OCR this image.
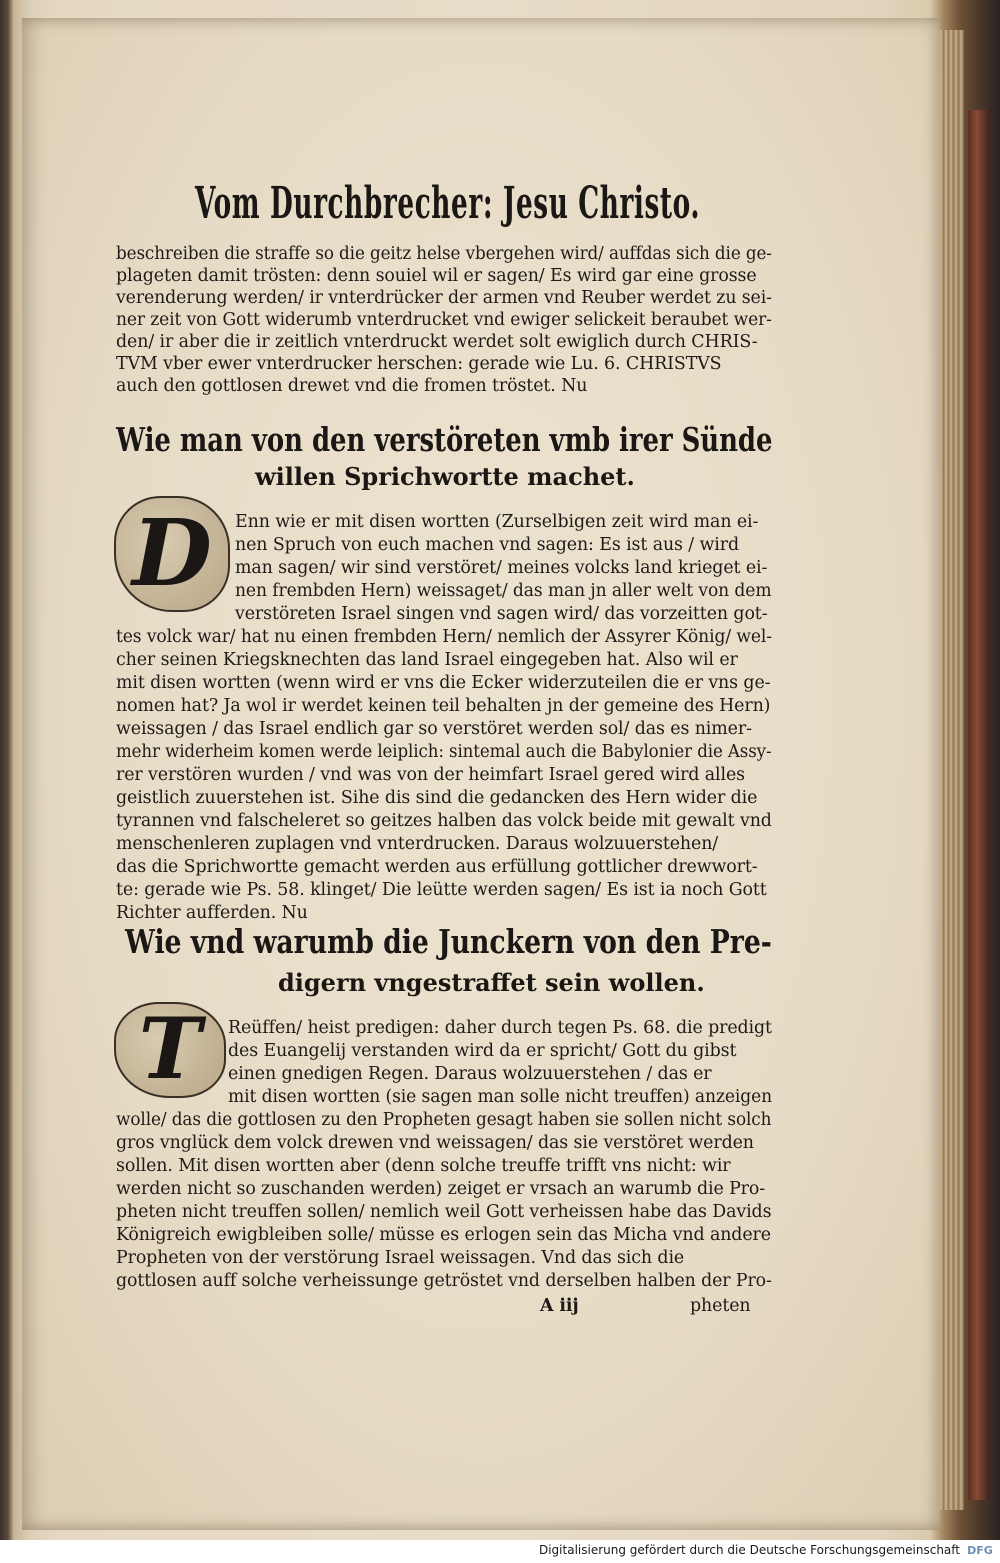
Vom Durchbrecher: Jesu Christo.
beschreiben die straffe so die geitz helse vbergehen wird/ auffdas sich die ge-
plageten damit trösten: denn souiel wil er sagen/ Es wird gar eine grosse
verenderung werden/ ir vnterdrücker der armen vnd Reuber werdet zu sei-
ner zeit von Gott widerumb vnterdrucket vnd ewiger selickeit beraubet wer-
den/ ir aber die ir zeitlich vnterdruckt werdet solt ewiglich durch CHRIS-
TVM vber ewer vnterdrucker herschen: gerade wie Lu. 6. CHRISTVS
auch den gottlosen drewet vnd die fromen tröstet. Nu
Wie man von den verstöreten vmb irer Sünde
willen Sprichwortte machet.
D	Enn wie er mit disen wortten (Zurselbigen zeit wird man ei-
nen Spruch von euch machen vnd sagen: Es ist aus / wird
man sagen/ wir sind verstöret/ meines volcks land krieget ei-
nen frembden Hern) weissaget/ das man jn aller welt von dem
verstöreten Israel singen vnd sagen wird/ das vorzeitten got-
tes volck war/ hat nu einen frembden Hern/ nemlich der Assyrer König/ wel-
cher seinen Kriegsknechten das land Israel eingegeben hat. Also wil er
mit disen wortten (wenn wird er vns die Ecker widerzuteilen die er vns ge-
nomen hat? Ja wol ir werdet keinen teil behalten jn der gemeine des Hern)
weissagen / das Israel endlich gar so verstöret werden sol/ das es nimer-
mehr widerheim komen werde leiplich: sintemal auch die Babylonier die Assy-
rer verstören wurden / vnd was von der heimfart Israel gered wird alles
geistlich zuuerstehen ist. Sihe dis sind die gedancken des Hern wider die
tyrannen vnd falscheleret so geitzes halben das volck beide mit gewalt vnd
menschenleren zuplagen vnd vnterdrucken. Daraus wolzuuerstehen/
das die Sprichwortte gemacht werden aus erfüllung gottlicher drewwort-
te: gerade wie Ps. 58. klinget/ Die leütte werden sagen/ Es ist ia noch Gott
Richter aufferden. Nu
Wie vnd warumb die Junckern von den Pre-
digern vngestraffet sein wollen.
T	Reüffen/ heist predigen: daher durch tegen Ps. 68. die predigt
des Euangelij verstanden wird da er spricht/ Gott du gibst
einen gnedigen Regen. Daraus wolzuuerstehen / das er
mit disen wortten (sie sagen man solle nicht treuffen) anzeigen
wolle/ das die gottlosen zu den Propheten gesagt haben sie sollen nicht solch
gros vnglück dem volck drewen vnd weissagen/ das sie verstöret werden
sollen. Mit disen wortten aber (denn solche treuffe trifft vns nicht: wir
werden nicht so zuschanden werden) zeiget er vrsach an warumb die Pro-
pheten nicht treuffen sollen/ nemlich weil Gott verheissen habe das Davids
Königreich ewigbleiben solle/ müsse es erlogen sein das Micha vnd andere
Propheten von der verstörung Israel weissagen. Vnd das sich die
gottlosen auff solche verheissunge getröstet vnd derselben halben der Pro-
A iij	pheten
Digitalisierung gefördert durch die Deutsche Forschungsgemeinschaft DFG
